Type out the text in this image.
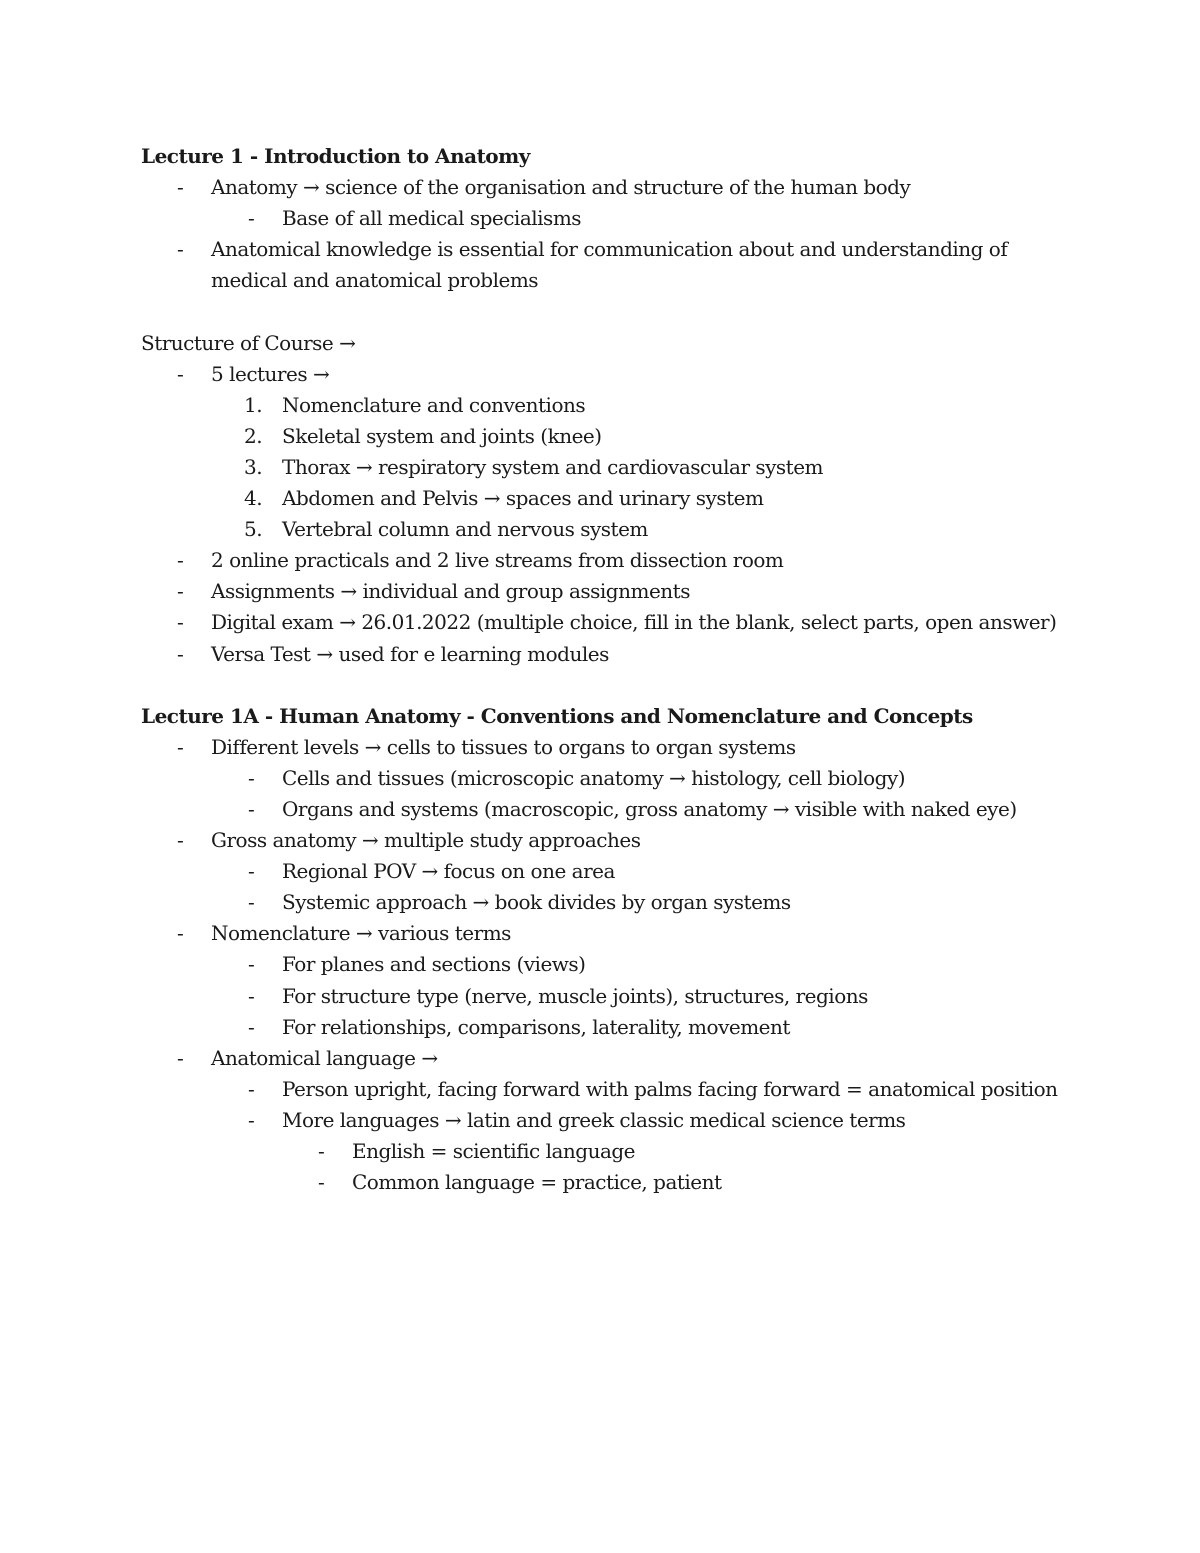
Lecture 1 - Introduction to Anatomy
- Anatomy → science of the organisation and structure of the human body
- Base of all medical specialisms
- Anatomical knowledge is essential for communication about and understanding of
medical and anatomical problems
Structure of Course →
- 5 lectures →
1. Nomenclature and conventions
2. Skeletal system and joints (knee)
3. Thorax → respiratory system and cardiovascular system
4. Abdomen and Pelvis → spaces and urinary system
5. Vertebral column and nervous system
- 2 online practicals and 2 live streams from dissection room
- Assignments → individual and group assignments
- Digital exam → 26.01.2022 (multiple choice, fill in the blank, select parts, open answer)
- Versa Test → used for e learning modules
Lecture 1A - Human Anatomy - Conventions and Nomenclature and Concepts
- Different levels → cells to tissues to organs to organ systems
- Cells and tissues (microscopic anatomy → histology, cell biology)
- Organs and systems (macroscopic, gross anatomy → visible with naked eye)
- Gross anatomy → multiple study approaches
- Regional POV → focus on one area
- Systemic approach → book divides by organ systems
- Nomenclature → various terms
- For planes and sections (views)
- For structure type (nerve, muscle joints), structures, regions
- For relationships, comparisons, laterality, movement
- Anatomical language →
- Person upright, facing forward with palms facing forward = anatomical position
- More languages → latin and greek classic medical science terms
- English = scientific language
- Common language = practice, patient
